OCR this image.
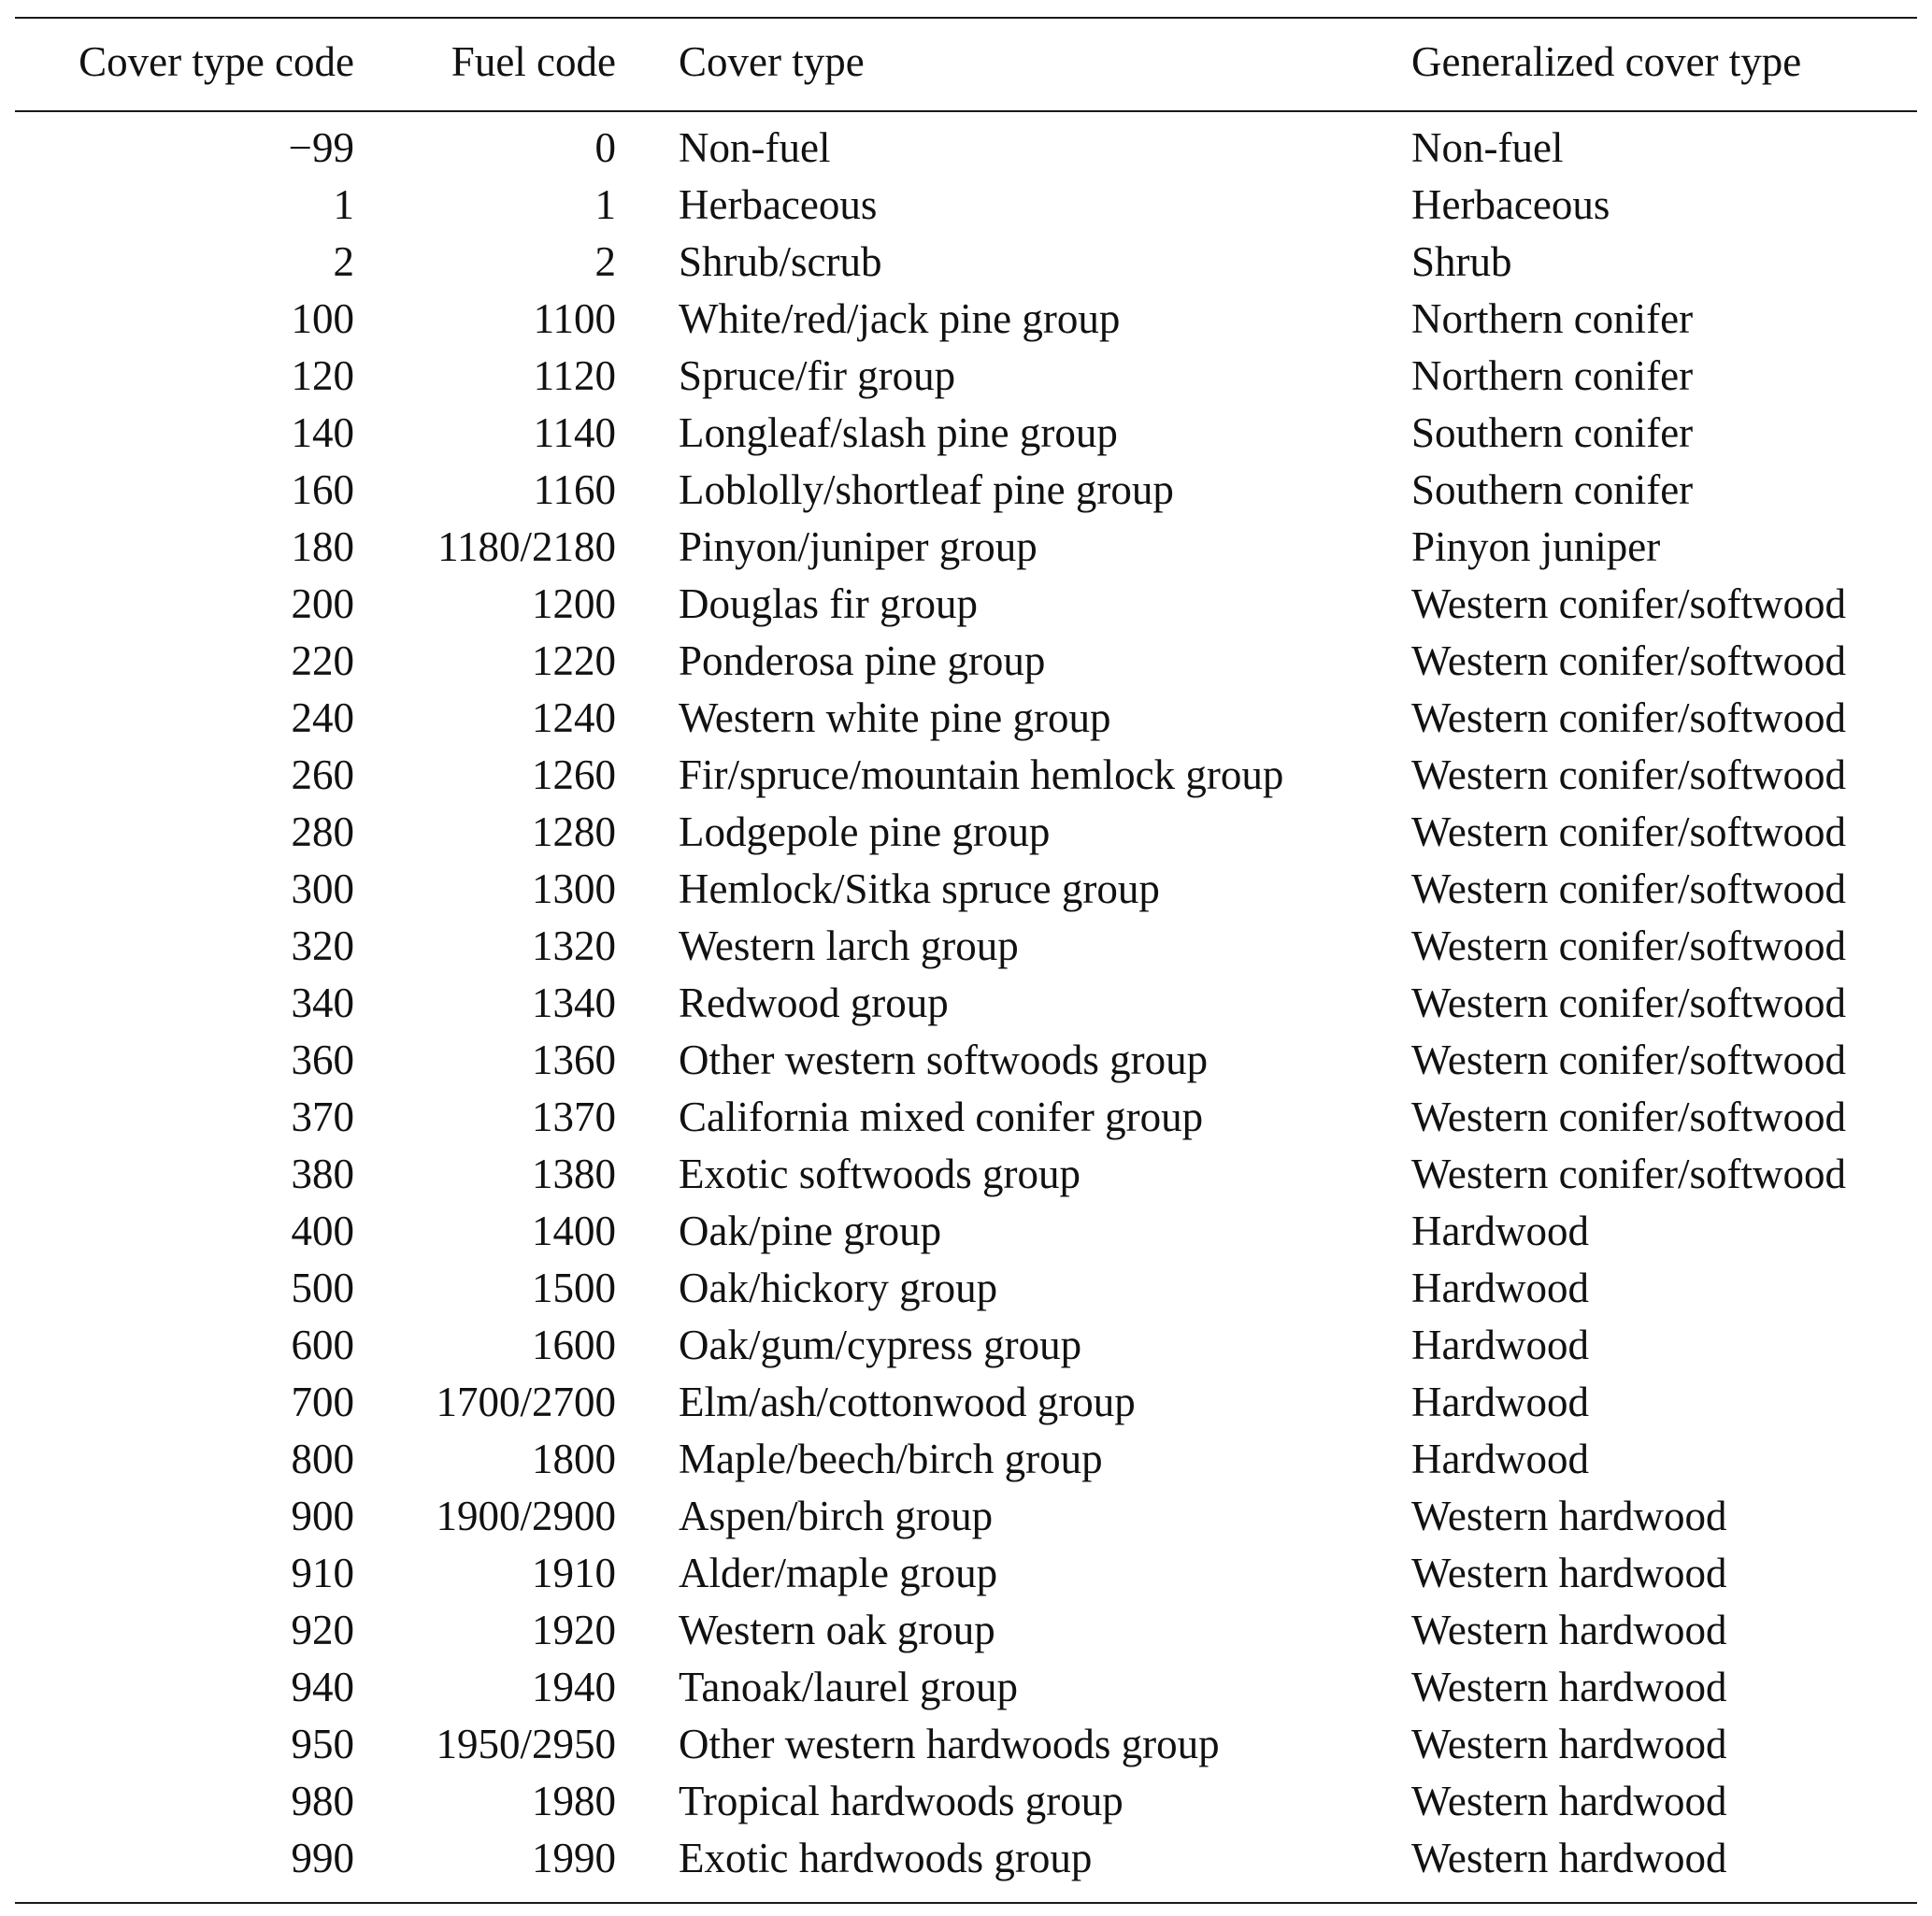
Cover type code	Fuel code	Cover type	Generalized cover type

−99	0	Non-fuel	Non-fuel
1	1	Herbaceous	Herbaceous
2	2	Shrub/scrub	Shrub
100	1100	White/red/jack pine group	Northern conifer
120	1120	Spruce/fir group	Northern conifer
140	1140	Longleaf/slash pine group	Southern conifer
160	1160	Loblolly/shortleaf pine group	Southern conifer
180	1180/2180	Pinyon/juniper group	Pinyon juniper
200	1200	Douglas fir group	Western conifer/softwood
220	1220	Ponderosa pine group	Western conifer/softwood
240	1240	Western white pine group	Western conifer/softwood
260	1260	Fir/spruce/mountain hemlock group	Western conifer/softwood
280	1280	Lodgepole pine group	Western conifer/softwood
300	1300	Hemlock/Sitka spruce group	Western conifer/softwood
320	1320	Western larch group	Western conifer/softwood
340	1340	Redwood group	Western conifer/softwood
360	1360	Other western softwoods group	Western conifer/softwood
370	1370	California mixed conifer group	Western conifer/softwood
380	1380	Exotic softwoods group	Western conifer/softwood
400	1400	Oak/pine group	Hardwood
500	1500	Oak/hickory group	Hardwood
600	1600	Oak/gum/cypress group	Hardwood
700	1700/2700	Elm/ash/cottonwood group	Hardwood
800	1800	Maple/beech/birch group	Hardwood
900	1900/2900	Aspen/birch group	Western hardwood
910	1910	Alder/maple group	Western hardwood
920	1920	Western oak group	Western hardwood
940	1940	Tanoak/laurel group	Western hardwood
950	1950/2950	Other western hardwoods group	Western hardwood
980	1980	Tropical hardwoods group	Western hardwood
990	1990	Exotic hardwoods group	Western hardwood
